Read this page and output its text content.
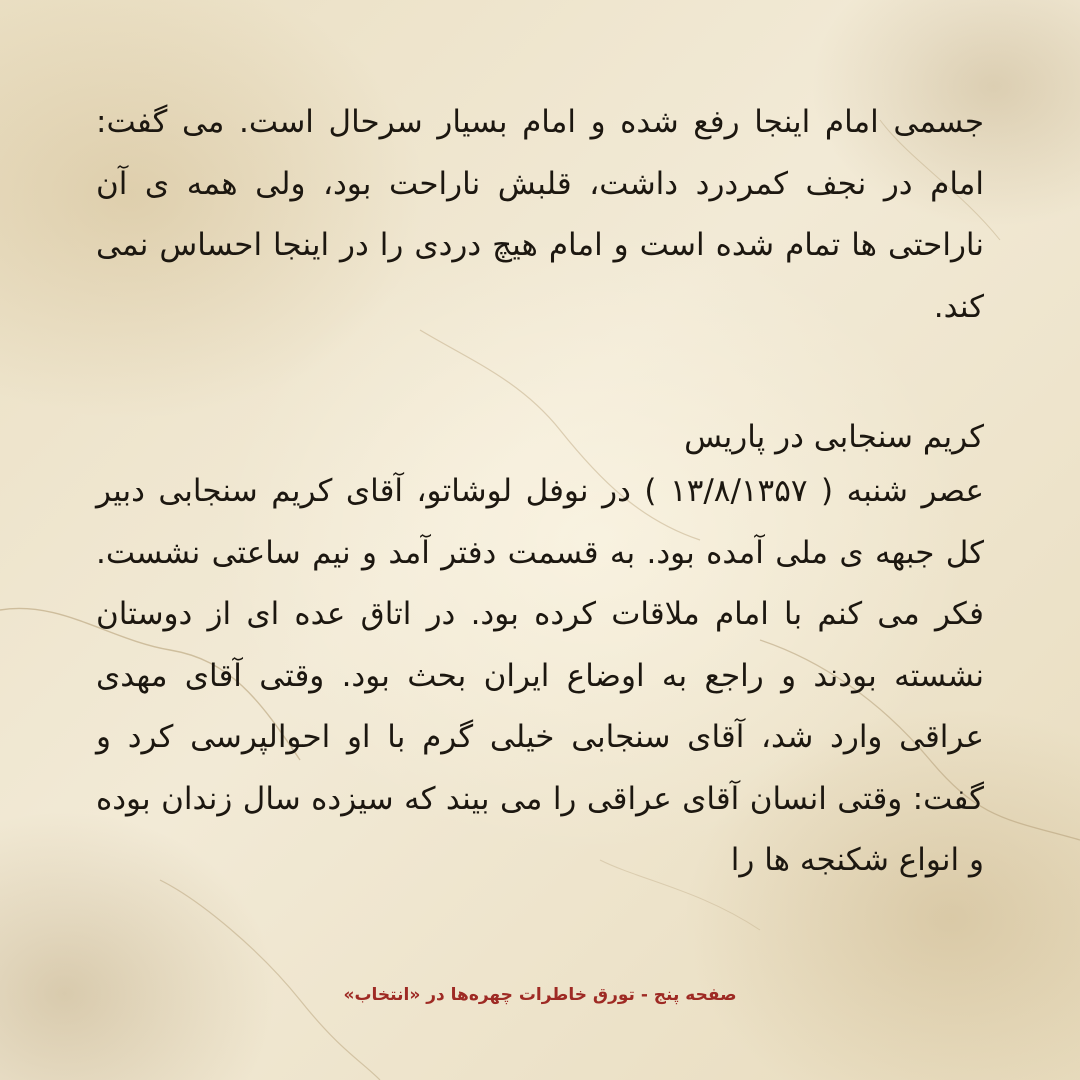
جسمی امام اینجا رفع شده و امام بسیار سرحال است. می گفت: امام در نجف کمردرد داشت، قلبش ناراحت بود، ولی همه ی آن ناراحتی ها تمام شده است و امام هیچ دردی را در اینجا احساس نمی کند.

کریم سنجابی در پاریس

عصر شنبه ( ۱۳/۸/۱۳۵۷ ) در نوفل لوشاتو، آقای کریم سنجابی دبیر کل جبهه ی ملی آمده بود. به قسمت دفتر آمد و نیم ساعتی نشست. فکر می کنم با امام ملاقات کرده بود. در اتاق عده ای از دوستان نشسته بودند و راجع به اوضاع ایران بحث بود. وقتی آقای مهدی عراقی وارد شد، آقای سنجابی خیلی گرم با او احوالپرسی کرد و گفت: وقتی انسان آقای عراقی را می بیند که سیزده سال زندان بوده و انواع شکنجه ها را

صفحه پنج - تورق خاطرات چهره‌ها در «انتخاب»
